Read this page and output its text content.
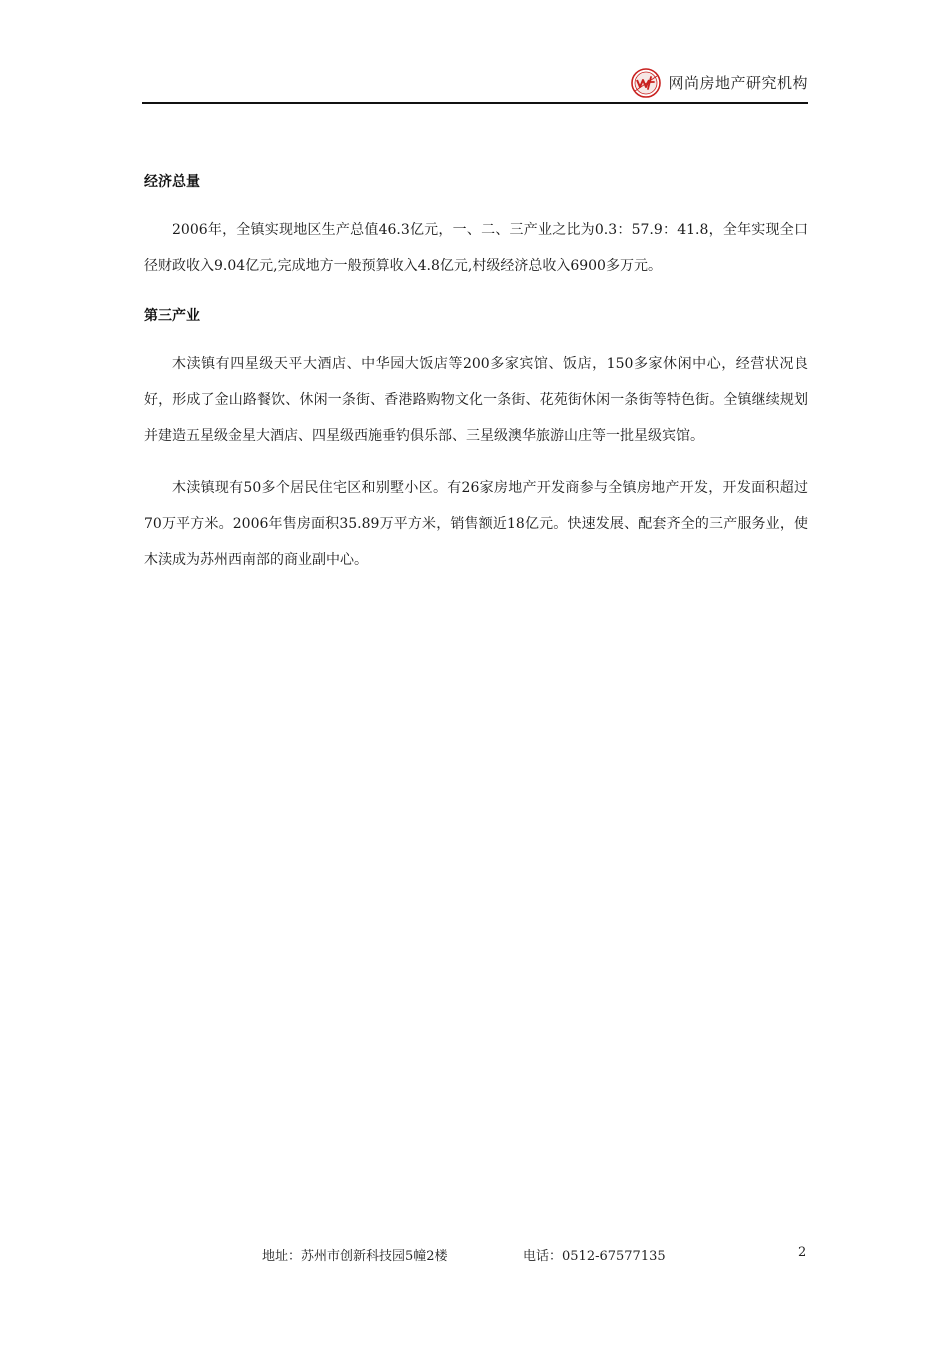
网尚房地产研究机构
经济总量

2006年，全镇实现地区生产总值46.3亿元，一、二、三产业之比为0.3：57.9：41.8，全年实现全口径财政收入9.04亿元,完成地方一般预算收入4.8亿元,村级经济总收入6900多万元。

第三产业

木渎镇有四星级天平大酒店、中华园大饭店等200多家宾馆、饭店，150多家休闲中心，经营状况良好，形成了金山路餐饮、休闲一条街、香港路购物文化一条街、花苑街休闲一条街等特色街。全镇继续规划并建造五星级金星大酒店、四星级西施垂钓俱乐部、三星级澳华旅游山庄等一批星级宾馆。

木渎镇现有50多个居民住宅区和别墅小区。有26家房地产开发商参与全镇房地产开发，开发面积超过70万平方米。2006年售房面积35.89万平方米，销售额近18亿元。快速发展、配套齐全的三产服务业，使木渎成为苏州西南部的商业副中心。

地址：苏州市创新科技园5幢2楼	电话：0512-67577135	2
